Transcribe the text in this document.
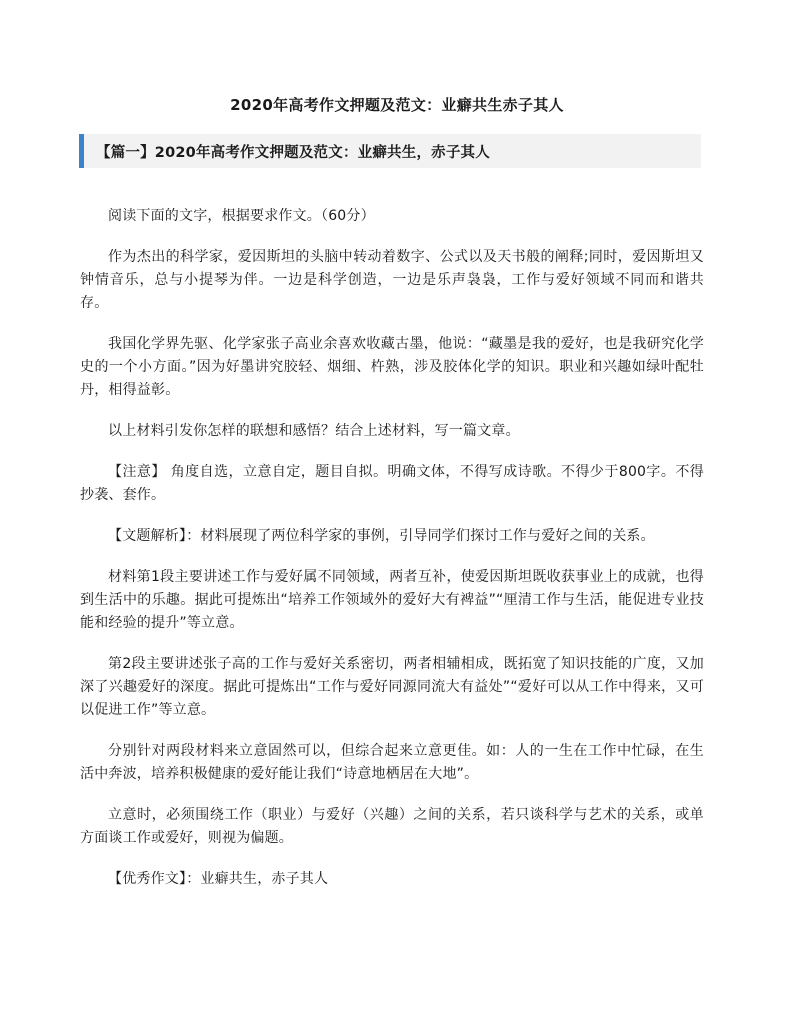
2020年高考作文押题及范文：业癖共生赤子其人
【篇一】2020年高考作文押题及范文：业癖共生，赤子其人

阅读下面的文字，根据要求作文。（60分）

作为杰出的科学家，爱因斯坦的头脑中转动着数字、公式以及天书般的阐释;同时，爱因斯坦又钟情音乐，总与小提琴为伴。一边是科学创造，一边是乐声袅袅，工作与爱好领域不同而和谐共存。

我国化学界先驱、化学家张子高业余喜欢收藏古墨，他说：“藏墨是我的爱好，也是我研究化学史的一个小方面。”因为好墨讲究胶轻、烟细、杵熟，涉及胶体化学的知识。职业和兴趣如绿叶配牡丹，相得益彰。

以上材料引发你怎样的联想和感悟？结合上述材料，写一篇文章。

【注意】 角度自选，立意自定，题目自拟。明确文体，不得写成诗歌。不得少于800字。不得抄袭、套作。

【文题解析】：材料展现了两位科学家的事例，引导同学们探讨工作与爱好之间的关系。

材料第1段主要讲述工作与爱好属不同领域，两者互补，使爱因斯坦既收获事业上的成就，也得到生活中的乐趣。据此可提炼出“培养工作领域外的爱好大有裨益”“厘清工作与生活，能促进专业技能和经验的提升”等立意。

第2段主要讲述张子高的工作与爱好关系密切，两者相辅相成，既拓宽了知识技能的广度，又加深了兴趣爱好的深度。据此可提炼出“工作与爱好同源同流大有益处”“爱好可以从工作中得来，又可以促进工作”等立意。

分别针对两段材料来立意固然可以，但综合起来立意更佳。如：人的一生在工作中忙碌，在生活中奔波，培养积极健康的爱好能让我们“诗意地栖居在大地”。

立意时，必须围绕工作（职业）与爱好（兴趣）之间的关系，若只谈科学与艺术的关系，或单方面谈工作或爱好，则视为偏题。

【优秀作文】：业癖共生，赤子其人
